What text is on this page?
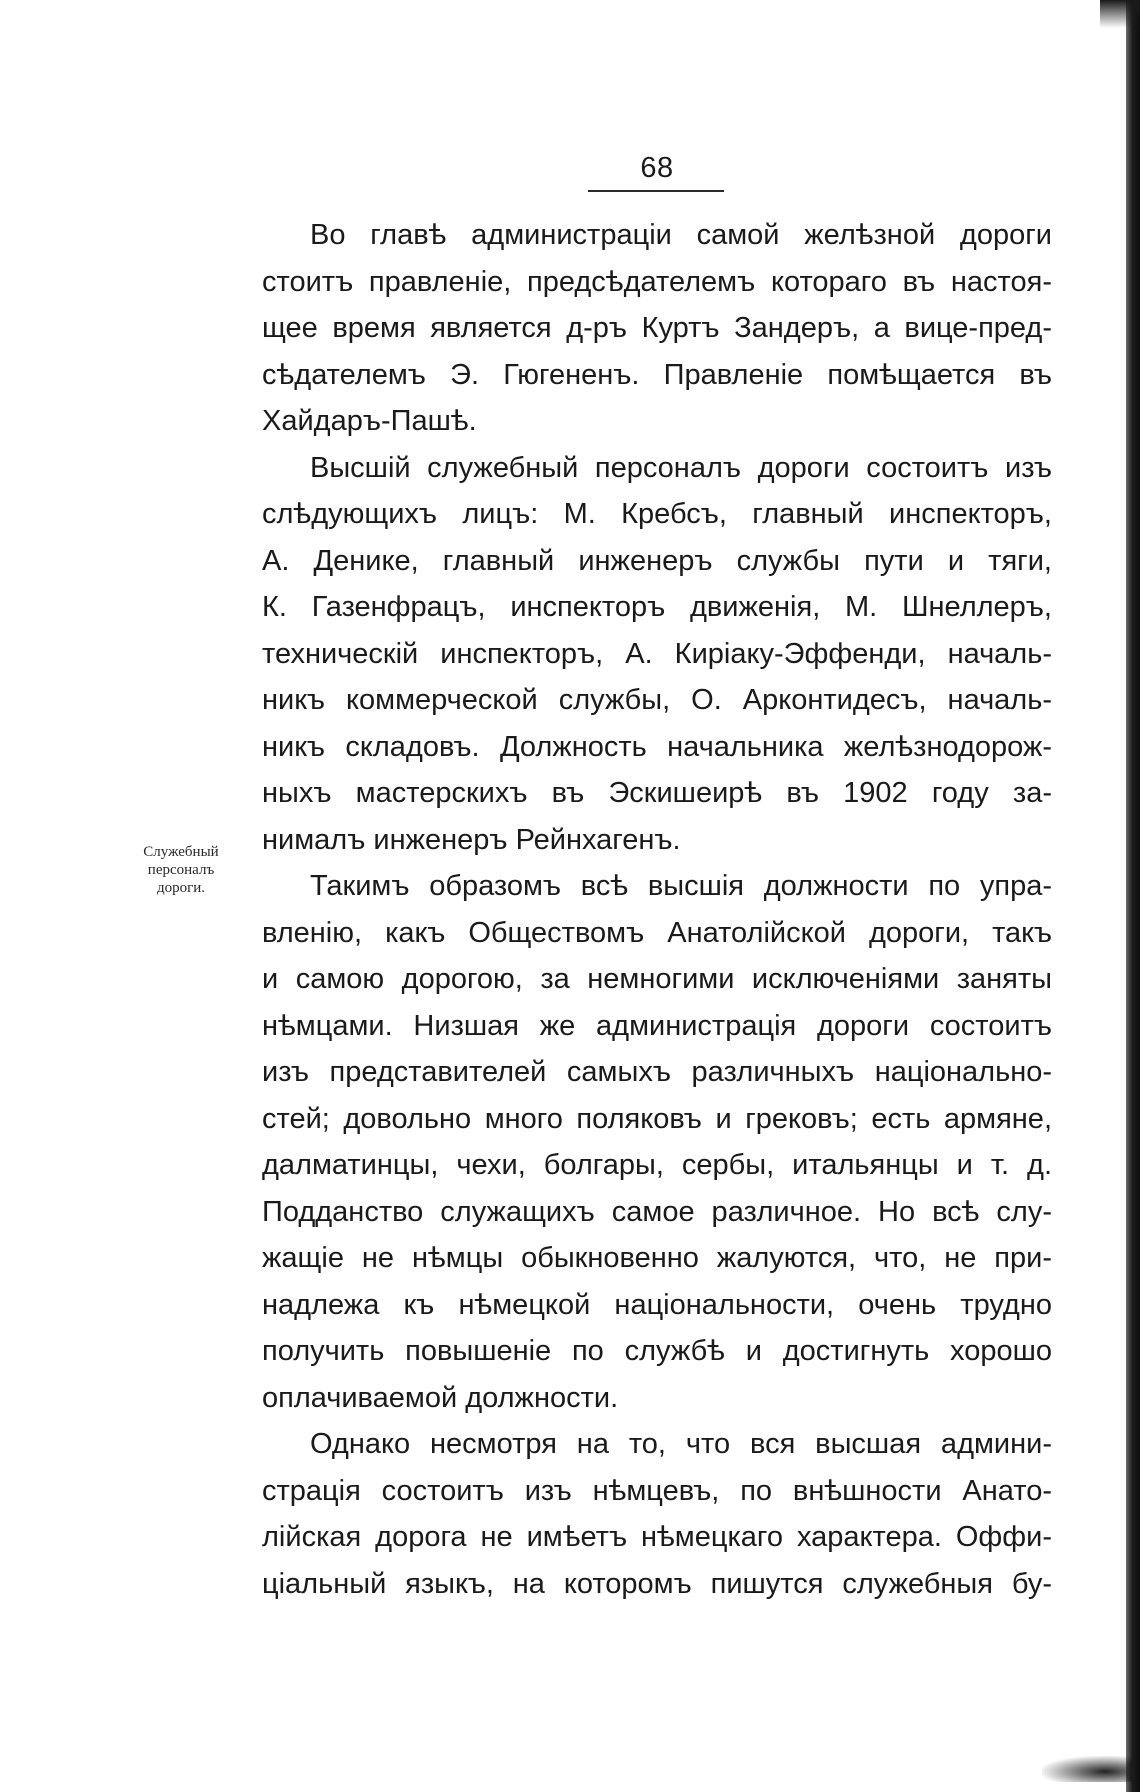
68
Служебный
персоналъ
дороги.
Во главѣ администраціи самой желѣзной дороги
стоитъ правленіе, предсѣдателемъ котораго въ настоя-
щее время является д-ръ Куртъ Зандеръ, а вице-пред-
сѣдателемъ Э. Гюгененъ. Правленіе помѣщается въ
Хайдаръ-Пашѣ.
Высшій служебный персоналъ дороги состоитъ изъ
слѣдующихъ лицъ: М. Кребсъ, главный инспекторъ,
А. Денике, главный инженеръ службы пути и тяги,
К. Газенфрацъ, инспекторъ движенія, М. Шнеллеръ,
техническій инспекторъ, А. Киріаку-Эффенди, началь-
никъ коммерческой службы, О. Арконтидесъ, началь-
никъ складовъ. Должность начальника желѣзнодорож-
ныхъ мастерскихъ въ Эскишеирѣ въ 1902 году за-
нималъ инженеръ Рейнхагенъ.
Такимъ образомъ всѣ высшія должности по упра-
вленію, какъ Обществомъ Анатолійской дороги, такъ
и самою дорогою, за немногими исключеніями заняты
нѣмцами. Низшая же администрація дороги состоитъ
изъ представителей самыхъ различныхъ національно-
стей; довольно много поляковъ и грековъ; есть армяне,
далматинцы, чехи, болгары, сербы, итальянцы и т. д.
Подданство служащихъ самое различное. Но всѣ слу-
жащіе не нѣмцы обыкновенно жалуются, что, не при-
надлежа къ нѣмецкой національности, очень трудно
получить повышеніе по службѣ и достигнуть хорошо
оплачиваемой должности.
Однако несмотря на то, что вся высшая админи-
страція состоитъ изъ нѣмцевъ, по внѣшности Анато-
лійская дорога не имѣетъ нѣмецкаго характера. Оффи-
ціальный языкъ, на которомъ пишутся служебныя бу-
